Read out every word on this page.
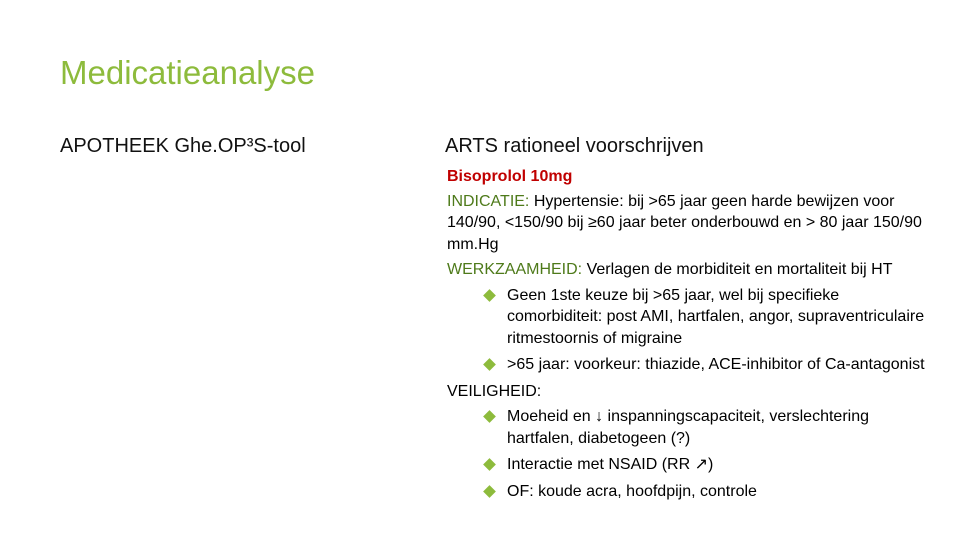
Medicatieanalyse
APOTHEEK Ghe.OP³S-tool	ARTS rationeel voorschrijven
Bisoprolol 10mg
INDICATIE: Hypertensie: bij >65 jaar geen harde bewijzen voor 140/90, <150/90 bij ≥60 jaar beter onderbouwd en > 80 jaar 150/90 mm.Hg
WERKZAAMHEID: Verlagen de morbiditeit en mortaliteit bij HT
Geen 1ste keuze bij >65 jaar, wel bij specifieke comorbiditeit: post AMI, hartfalen, angor, supraventriculaire ritmestoornis of migraine
>65 jaar: voorkeur: thiazide, ACE-inhibitor of Ca-antagonist
VEILIGHEID:
Moeheid en ↓ inspanningscapaciteit, verslechtering hartfalen, diabetogeen (?)
Interactie met NSAID (RR ↗)
OF: koude acra, hoofdpijn, controle
